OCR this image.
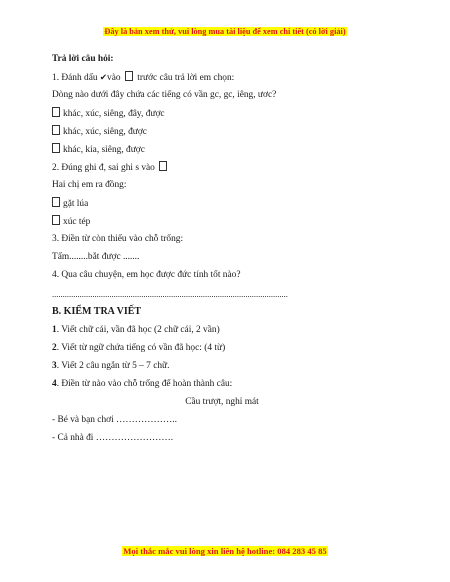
Đây là bản xem thử, vui lòng mua tài liệu để xem chi tiết (có lời giải)
Trả lời câu hỏi:
1. Đánh dấu ✔vào trước câu trả lời em chọn:
Dòng nào dưới đây chứa các tiếng có vần gc, gc, iêng, ươc?
khác, xúc, siêng, đây, được
khác, xúc, siêng, được
khác, kia, siêng, được
2. Đúng ghi đ, sai ghi s vào
Hai chị em ra đồng:
gặt lúa
xúc tép
3. Điền từ còn thiếu vào chỗ trống:
Tấm........bắt được .......
4. Qua câu chuyện, em học được đức tính tốt nào?
...............................................................................................................
B. KIỂM TRA VIẾT
1. Viết chữ cái, vần đã học (2 chữ cái, 2 vần)
2. Viết từ ngữ chứa tiếng có vần đã học: (4 từ)
3. Viết 2 câu ngắn từ 5 – 7 chữ.
4. Điền từ nào vào chỗ trống để hoàn thành câu:
Cầu trượt, nghỉ mát
- Bé và bạn chơi ………………..
- Cả nhà đi …………………….
Mọi thắc mắc vui lòng xin liên hệ hotline: 084 283 45 85
